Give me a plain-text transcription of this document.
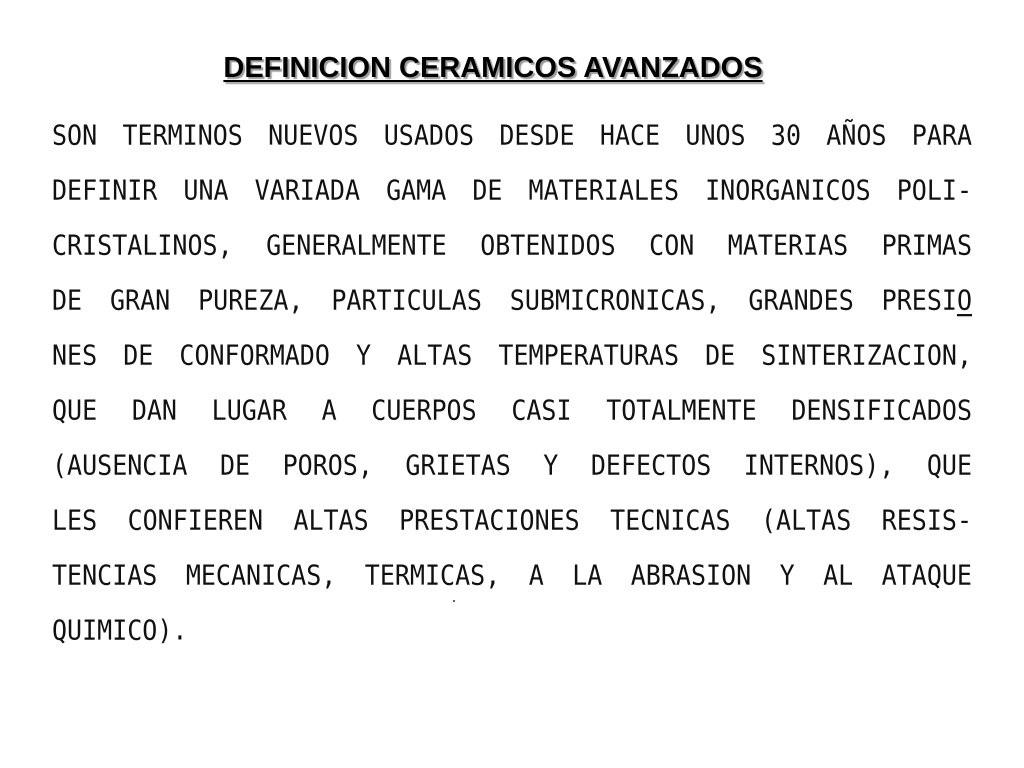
DEFINICION CERAMICOS AVANZADOS
SON TERMINOS NUEVOS USADOS DESDE HACE UNOS 30 AÑOS PARA
DEFINIR UNA VARIADA GAMA DE MATERIALES INORGANICOS POLI-
CRISTALINOS, GENERALMENTE OBTENIDOS CON MATERIAS PRIMAS
DE GRAN PUREZA, PARTICULAS SUBMICRONICAS, GRANDES PRESIO
NES DE CONFORMADO Y ALTAS TEMPERATURAS DE SINTERIZACION,
QUE DAN LUGAR A CUERPOS CASI TOTALMENTE DENSIFICADOS
(AUSENCIA DE POROS, GRIETAS Y DEFECTOS INTERNOS), QUE
LES CONFIEREN ALTAS PRESTACIONES TECNICAS (ALTAS RESIS-
TENCIAS MECANICAS, TERMICAS, A LA ABRASION Y AL ATAQUE
QUIMICO).
